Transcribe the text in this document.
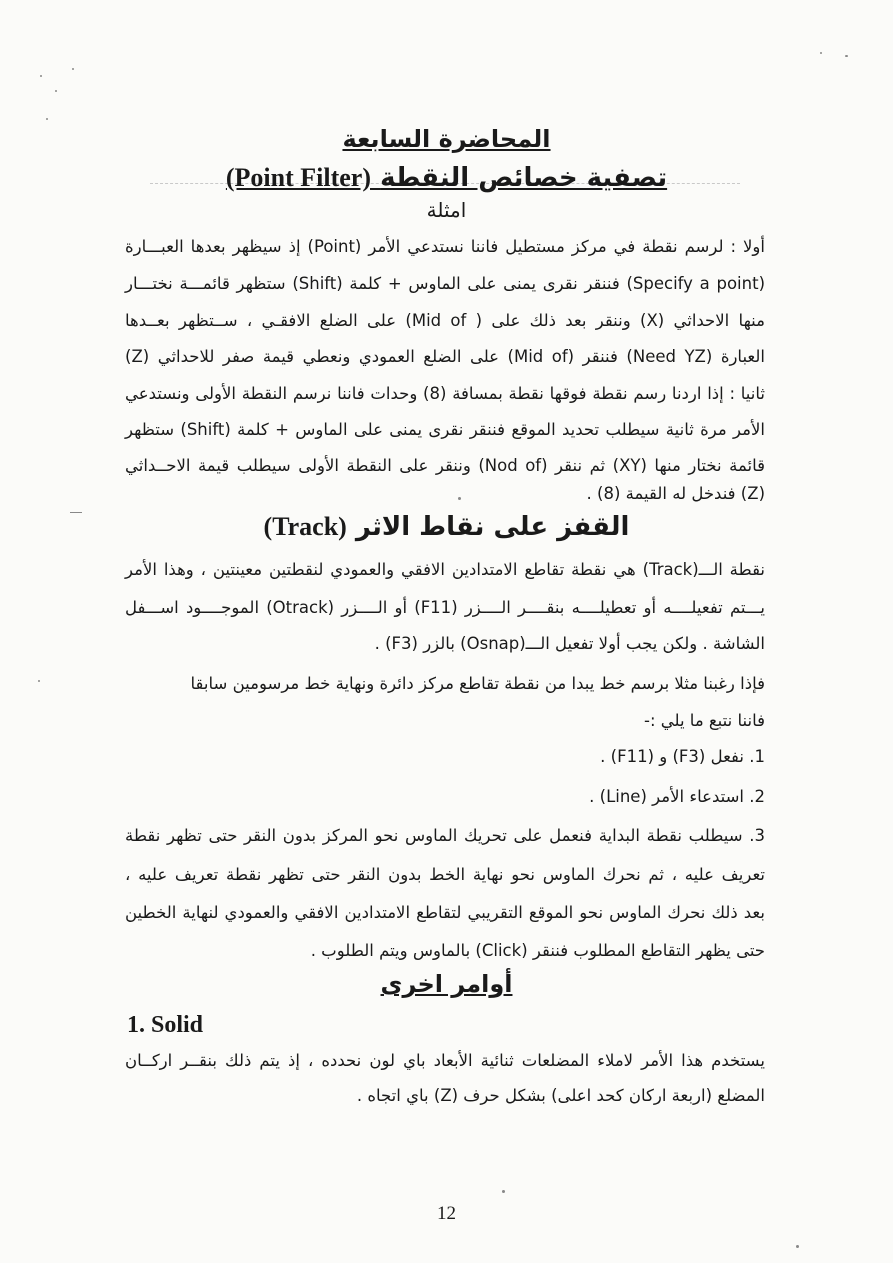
المحاضرة السابعة
تصفية خصائص النقطة (Point Filter)
امثلة
أولا : لرسم نقطة في مركز مستطيل فاننا نستدعي الأمر (Point) إذ سيظهر بعدها العبـــارة
(Specify a point) فننقر نقرى يمنى على الماوس + كلمة (Shift) ستظهر قائمـــة نختـــار
منها الاحداثي (X) وننقر بعد ذلك على ( Mid of) على الضلع الافقـي ، ســتظهر بعــدها
العبارة (Need YZ) فننقر (Mid of) على الضلع العمودي ونعطي قيمة صفر للاحداثي (Z)
ثانيا : إذا اردنا رسم نقطة فوقها نقطة بمسافة (8) وحدات فاننا نرسم النقطة الأولى ونستدعي
الأمر مرة ثانية سيطلب تحديد الموقع فننقر نقرى يمنى على الماوس + كلمة (Shift) ستظهر
قائمة نختار منها (XY) ثم ننقر (Nod of) وننقر على النقطة الأولى سيطلب قيمة الاحــداثي
(Z) فندخل له القيمة (8) .
القفز على نقاط الاثر (Track)
نقطة الـــ(Track) هي نقطة تقاطع الامتدادين الافقي والعمودي لنقطتين معينتين ، وهذا الأمر
يـــتم تفعيلــــه أو تعطيلــــه بنقــــر الــــزر (F11) أو الــــزر (Otrack) الموجــــود اســـفل
الشاشة . ولكن يجب أولا تفعيل الـــ(Osnap) بالزر (F3) .
فإذا رغبنا مثلا برسم خط يبدا من نقطة تقاطع مركز دائرة ونهاية خط مرسومين سابقا
فاننا نتبع ما يلي :-
1. نفعل (F3) و (F11) .
2. استدعاء الأمر (Line) .
3. سيطلب نقطة البداية فنعمل على تحريك الماوس نحو المركز بدون النقر حتى تظهر نقطة
تعريف عليه ، ثم نحرك الماوس نحو نهاية الخط بدون النقر حتى تظهر نقطة تعريف عليه ،
بعد ذلك نحرك الماوس نحو الموقع التقريبي لتقاطع الامتدادين الافقي والعمودي لنهاية الخطين
حتى يظهر التقاطع المطلوب فننقر (Click) بالماوس ويتم الطلوب .
أوامر اخرى
1. Solid
يستخدم هذا الأمر لاملاء المضلعات ثنائية الأبعاد باي لون نحدده ، إذ يتم ذلك بنقــر اركــان
المضلع (اربعة اركان كحد اعلى) بشكل حرف (Z) باي اتجاه .
12
